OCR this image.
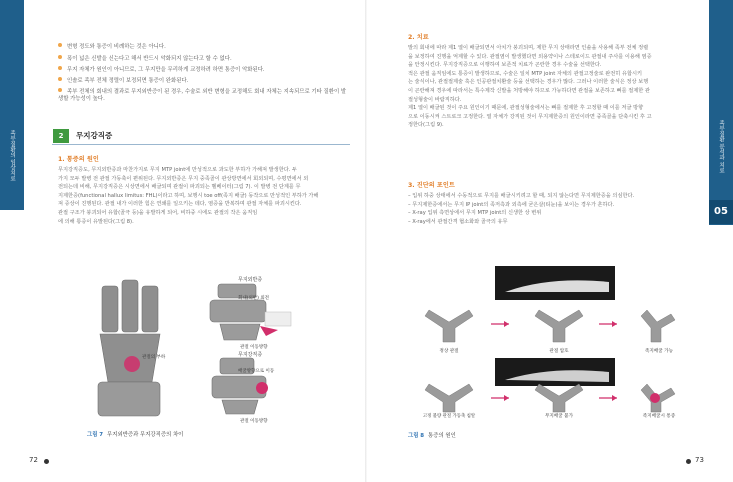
족부질환의 임상치료
변형 정도와 통증이 비례하는 것은 아니다.
폭이 넓은 신발을 신는다고 해서 반드시 악화되지 않는다고 할 수 없다.
무지 자체가 원인이 아니므로, 그 무지만을 무리하게 교정하려 하면 통증이 악화된다.
인솔로 족부 전체 정렬이 보정되면 통증이 완화된다.
족부 전체의 회내의 결과로 무지외반증이 된 경우, 수술로 외반 변형을 교정해도 회내 자체는 지속되므로 기타 질환이 발생할 가능성이 높다.
2	무지강직증
1. 통증의 원인
무지강직증도, 무지외반증과 마찬가지로 무지 MTP joint에 만성적으로 과도한 부하가 가해져 발생한다. 두
가지 모두 발병 전 관절 가동축이 편위된다. 무지외반증은 무지 중족골이 관상방면에서 회외되며, 수평면에서 외
전되는데 비해, 무지강직증은 시상면에서 배굴되며 관절이 파괴되는 벨베이터(그림 7). 이 발병 전 단계를 무
지제한증(functional hallux limitus: FHL)이라고 하며, 보행시 toe off(족지 배굴) 동작으로 만성적인 부하가 가해
져 증상이 진행된다. 관절 내가 이러한 힘은 연쇄를 일으키는 데다, 염증을 반복하며 관절 자체를 파괴시킨다.
관절 구조가 붕괴되어 유합(골극 등)을 유발하게 되어, 비하중 시에도 관절의 작은 움직임
에 의해 통증이 유발된다(그림 8).
무지외반증
회내(외반) 외전
관절 이동방향
무지강직증
배굴방향으로 이동
관절의 부하
관절 이동방향
그림 7 무지외반증과 무지강직증의 차이
72
2. 치료
발의 회내에 따라 제1 열이 배굴되면서 아치가 붕괴되며, 제한 무지 상태라면 인솔을 사용해 족부 전체 정렬
을 보정하여 진행을 억제할 수 있다. 관절염이 발생했다면 외용약이나 스테로이드 관절내 주사를 이용해 염증
을 안정시킨다. 무지강직증으로 이행하여 보존적 치료가 곤란한 경우 수술을 선택한다.
적은 관절 움직임에도 통증이 발생하므로, 수술은 일치 MTP joint 자체의 관절고정술로 완전히 유합시키
는 술식이나, 관절절제술 혹은 인공관절치환술 등을 선택하는 경우가 많다. 그러나 이러한 술식은 정상 보행
이 곤란해져 경우에 따라서는 특수제작 신발을 처방해야 하므로 가능하다면 관절을 보존하고 뼈를 절제한 관
절성형술이 바람직하다.
제1 열이 배굴된 것이 주요 원인이기 때문에, 관절성형술에서는 뼈를 절제한 후 고정할 때 이를 저굴 방향
으로 이동시켜 스트로크 고정한다. 열 자체가 강직된 것이 무지제한증의 원인이라면 중족골을 단축시킨 후 고
정한다(그림 9).
3. 진단의 포인트
– 입위 하중 상태에서 수동적으로 무지를 배굴시키려고 할 때, 되지 않는다면 무지제한증을 의심한다.
– 무지제한증에서는 무지 IP joint의 족저측과 외측에 굳은살(티눈)을 보이는 경우가 흔하다.
– X-ray 입위 측면상에서 무지 MTP joint의 신생한 상 변위
– X-ray에서 관절간격 협소화와 골극의 유무
정상 관절	관절 압호	족지배굴 가능
고정 불량 관절 가동축 침알	무지배굴 불가	족지배굴시 통증
그림 8 통증의 원인
73
족부질환 분석과 치료
05
